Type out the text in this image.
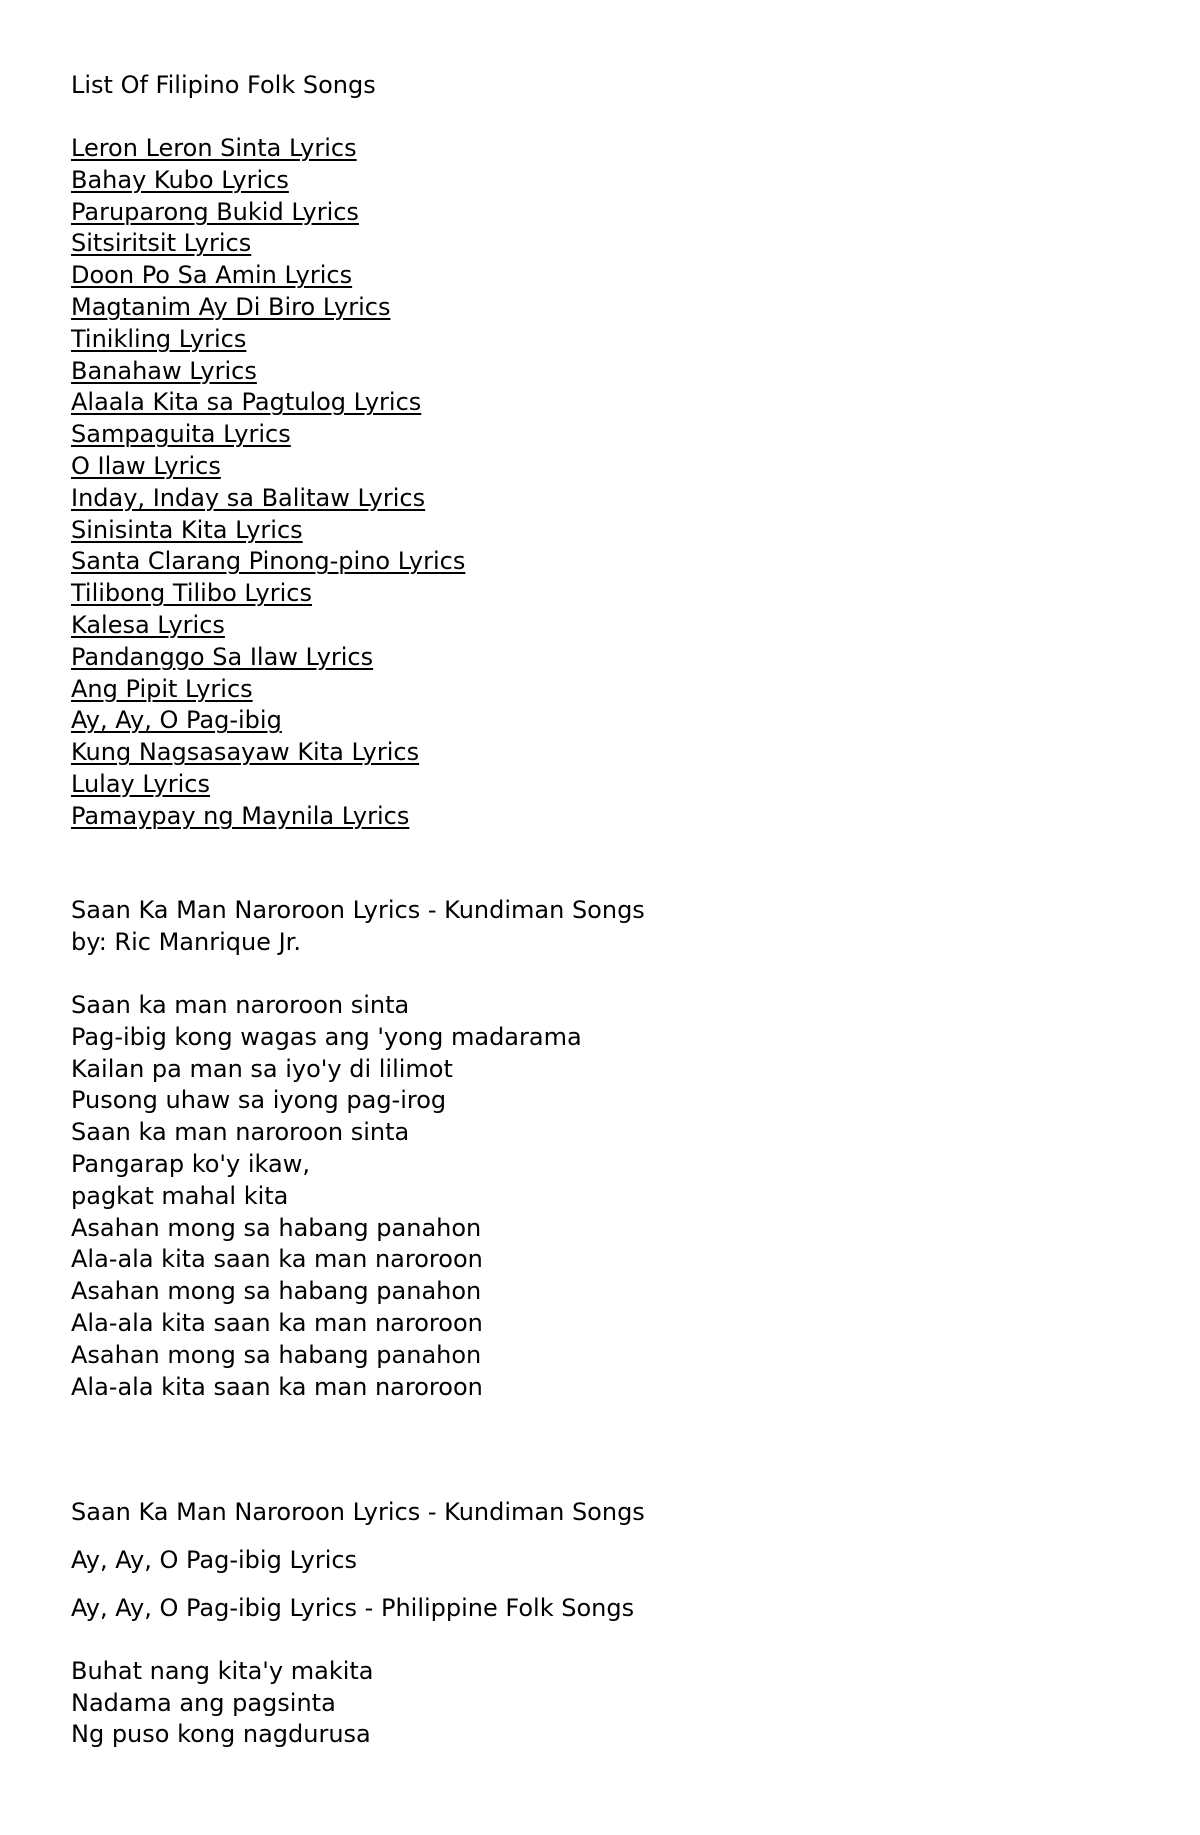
List Of Filipino Folk Songs

Leron Leron Sinta Lyrics
Bahay Kubo Lyrics
Paruparong Bukid Lyrics
Sitsiritsit Lyrics
Doon Po Sa Amin Lyrics
Magtanim Ay Di Biro Lyrics
Tinikling Lyrics
Banahaw Lyrics
Alaala Kita sa Pagtulog Lyrics
Sampaguita Lyrics
O Ilaw Lyrics
Inday, Inday sa Balitaw Lyrics
Sinisinta Kita Lyrics
Santa Clarang Pinong-pino Lyrics
Tilibong Tilibo Lyrics
Kalesa Lyrics
Pandanggo Sa Ilaw Lyrics
Ang Pipit Lyrics
Ay, Ay, O Pag-ibig
Kung Nagsasayaw Kita Lyrics
Lulay Lyrics
Pamaypay ng Maynila Lyrics

Saan Ka Man Naroroon Lyrics - Kundiman Songs

by: Ric Manrique Jr.

Saan ka man naroroon sinta

Pag-ibig kong wagas ang 'yong madarama

Kailan pa man sa iyo'y di lilimot

Pusong uhaw sa iyong pag-irog

Saan ka man naroroon sinta

Pangarap ko'y ikaw,

pagkat mahal kita

Asahan mong sa habang panahon

Ala-ala kita saan ka man naroroon

Asahan mong sa habang panahon

Ala-ala kita saan ka man naroroon

Asahan mong sa habang panahon

Ala-ala kita saan ka man naroroon

Saan Ka Man Naroroon Lyrics - Kundiman Songs

Ay, Ay, O Pag-ibig Lyrics

Ay, Ay, O Pag-ibig Lyrics - Philippine Folk Songs

Buhat nang kita'y makita

Nadama ang pagsinta

Ng puso kong nagdurusa
